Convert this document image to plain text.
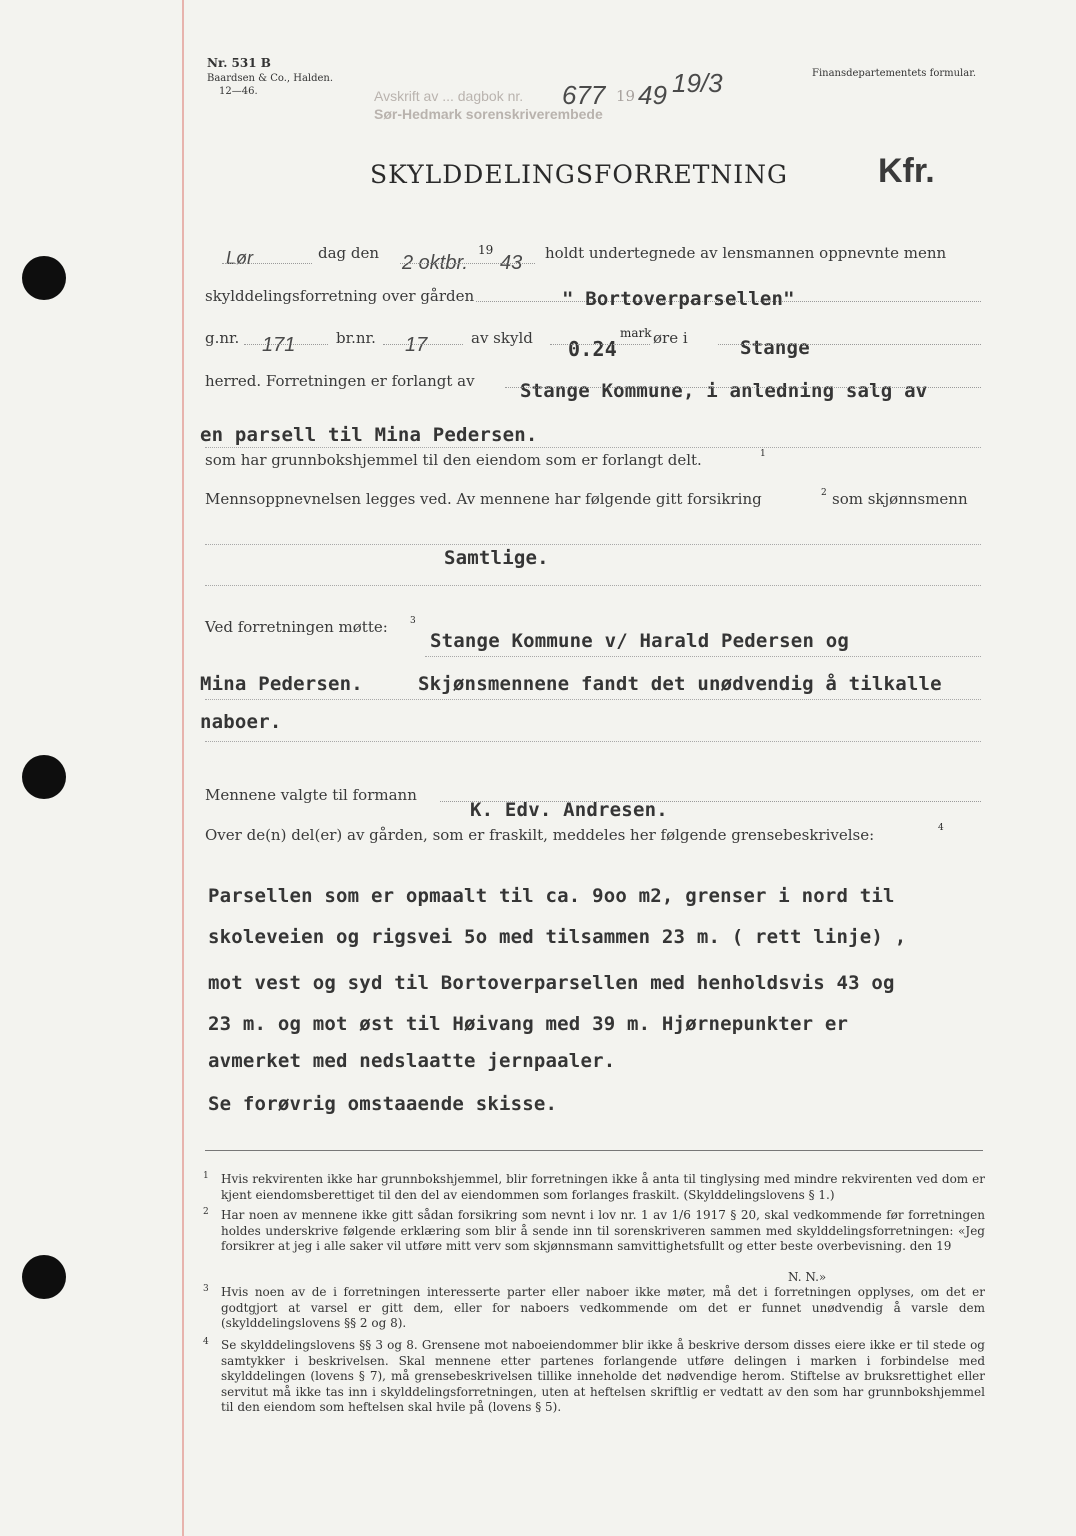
Nr. 531 B
Baardsen & Co., Halden.
12—46.
Finansdepartementets formular.
Avskrift av ... dagbok nr.
Sør-Hedmark sorenskriverembede
677 19 49 19/3
SKYLDDELINGSFORRETNING	Kfr.
Lør	dag den 2 oktbr.
19
43 holdt undertegnede av lensmannen oppnevnte menn
skylddelingsforretning over gården	" Bortoverparsellen"
g.nr. 171	br.nr. 17	av skyld	mark
0.24 øre i	Stange
herred. Forretningen er forlangt av Stange Kommune, i anledning salg av
en parsell til Mina Pedersen.
som har grunnbokshjemmel til den eiendom som er forlangt delt.	1
Mennsoppnevnelsen legges ved. Av mennene har følgende gitt forsikring	2 som skjønnsmenn
Samtlige.
Ved forretningen møtte: 3
Stange Kommune v/ Harald Pedersen og
Mina Pedersen.	Skjønsmennene fandt det unødvendig å tilkalle
naboer.
Mennene valgte til formann
K. Edv. Andresen.
Over de(n) del(er) av gården, som er fraskilt, meddeles her følgende grensebeskrivelse:	4
Parsellen som er opmaalt til ca. 9oo m2, grenser i nord til
skoleveien og rigsvei 5o med tilsammen 23 m. ( rett linje) ,
mot vest og syd til Bortoverparsellen med henholdsvis 43 og
23 m. og mot øst til Høivang med 39 m. Hjørnepunkter er
avmerket med nedslaatte jernpaaler.
Se forøvrig omstaaende skisse.
1	Hvis rekvirenten ikke har grunnbokshjemmel, blir forretningen ikke å anta til tinglysing med mindre rekvirenten ved dom er kjent eiendomsberettiget til den del av eiendommen som forlanges fraskilt. (Skylddelingslovens § 1.)

2	Har noen av mennene ikke gitt sådan forsikring som nevnt i lov nr. 1 av 1/6 1917 § 20, skal vedkommende før forretningen holdes underskrive følgende erklæring som blir å sende inn til sorenskriveren sammen med skylddelingsforretningen: «Jeg forsikrer at jeg i alle saker vil utføre mitt verv som skjønnsmann samvittighetsfullt og etter beste overbevisning. den 19

N. N.»
3	Hvis noen av de i forretningen interesserte parter eller naboer ikke møter, må det i forretningen opplyses, om det er godtgjort at varsel er gitt dem, eller for naboers vedkommende om det er funnet unødvendig å varsle dem (skylddelingslovens §§ 2 og 8).

4	Se skylddelingslovens §§ 3 og 8. Grensene mot naboeiendommer blir ikke å beskrive dersom disses eiere ikke er til stede og samtykker i beskrivelsen. Skal mennene etter partenes forlangende utføre delingen i marken i forbindelse med skylddelingen (lovens § 7), må grensebeskrivelsen tillike inneholde det nødvendige herom. Stiftelse av bruksrettighet eller servitut må ikke tas inn i skylddelingsforretningen, uten at heftelsen skriftlig er vedtatt av den som har grunnbokshjemmel til den eiendom som heftelsen skal hvile på (lovens § 5).
